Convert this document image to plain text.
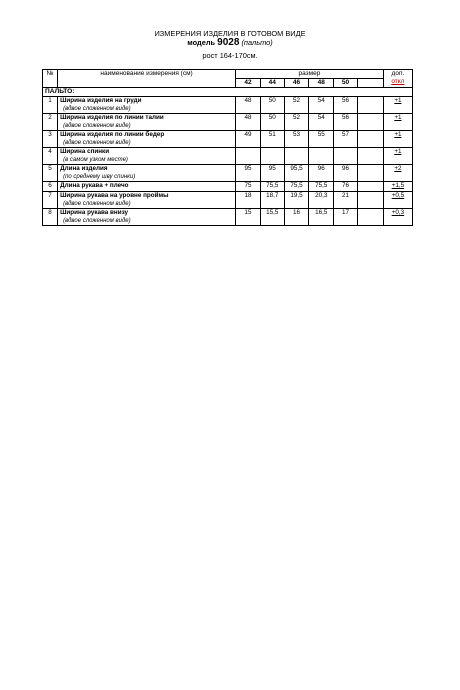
ИЗМЕРЕНИЯ ИЗДЕЛИЯ В ГОТОВОМ ВИДЕ
модель 9028 (пальто)
рост 164-170см.
№	наименование измерения (см)	размер						доп.
откл

		42	44	46	48	50		
ПАЛЬТО:								
1	Ширина изделия на груди
(вдвое сложенном виде)	48	50	52	54	56		+1
2	Ширина изделия по линии талии
(вдвое сложенном виде)	48	50	52	54	56		+1
3	Ширина изделия по линии бедер
(вдвое сложенном виде)	49	51	53	55	57		+1
4	Ширина спинки
(в самом узком месте)							+1
5	Длина изделия
(по среднему шву спинки)	95	95	95,5	96	96		+2
6	Длина рукава + плечо	75	75,5	75,5	75,5	76		+1,5
7	Ширина рукава на уровне проймы
(вдвое сложенном виде)	18	18,7	19,5	20,3	21		+0,5
8	Ширина рукава внизу
(вдвое сложенном виде)	15	15,5	16	16,5	17		+0,3
